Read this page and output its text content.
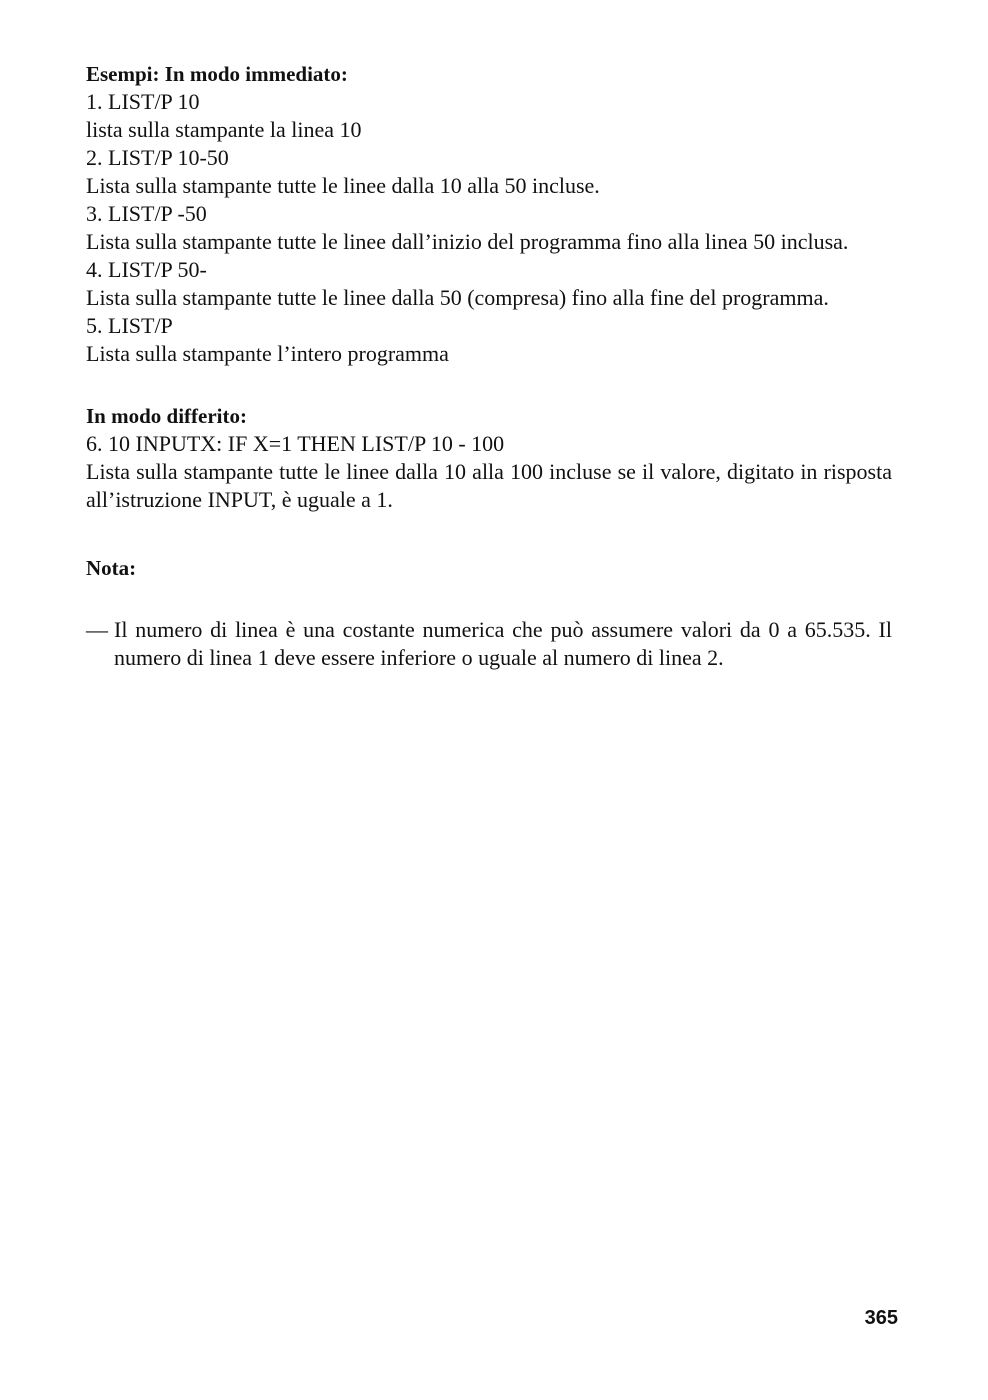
Esempi: In modo immediato:

1. LIST/P 10

lista sulla stampante la linea 10

2. LIST/P 10-50

Lista sulla stampante tutte le linee dalla 10 alla 50 incluse.

3. LIST/P -50

Lista sulla stampante tutte le linee dall’inizio del programma fino alla linea 50 inclusa.

4. LIST/P 50-

Lista sulla stampante tutte le linee dalla 50 (compresa) fino alla fine del programma.

5. LIST/P

Lista sulla stampante l’intero programma

In modo differito:

6. 10 INPUTX: IF X=1 THEN LIST/P 10 - 100

Lista sulla stampante tutte le linee dalla 10 alla 100 incluse se il valore, digitato in risposta all’istruzione INPUT, è uguale a 1.

Nota:

— Il numero di linea è una costante numerica che può assumere valori da 0 a 65.535. Il numero di linea 1 deve essere inferiore o uguale al numero di linea 2.
365
